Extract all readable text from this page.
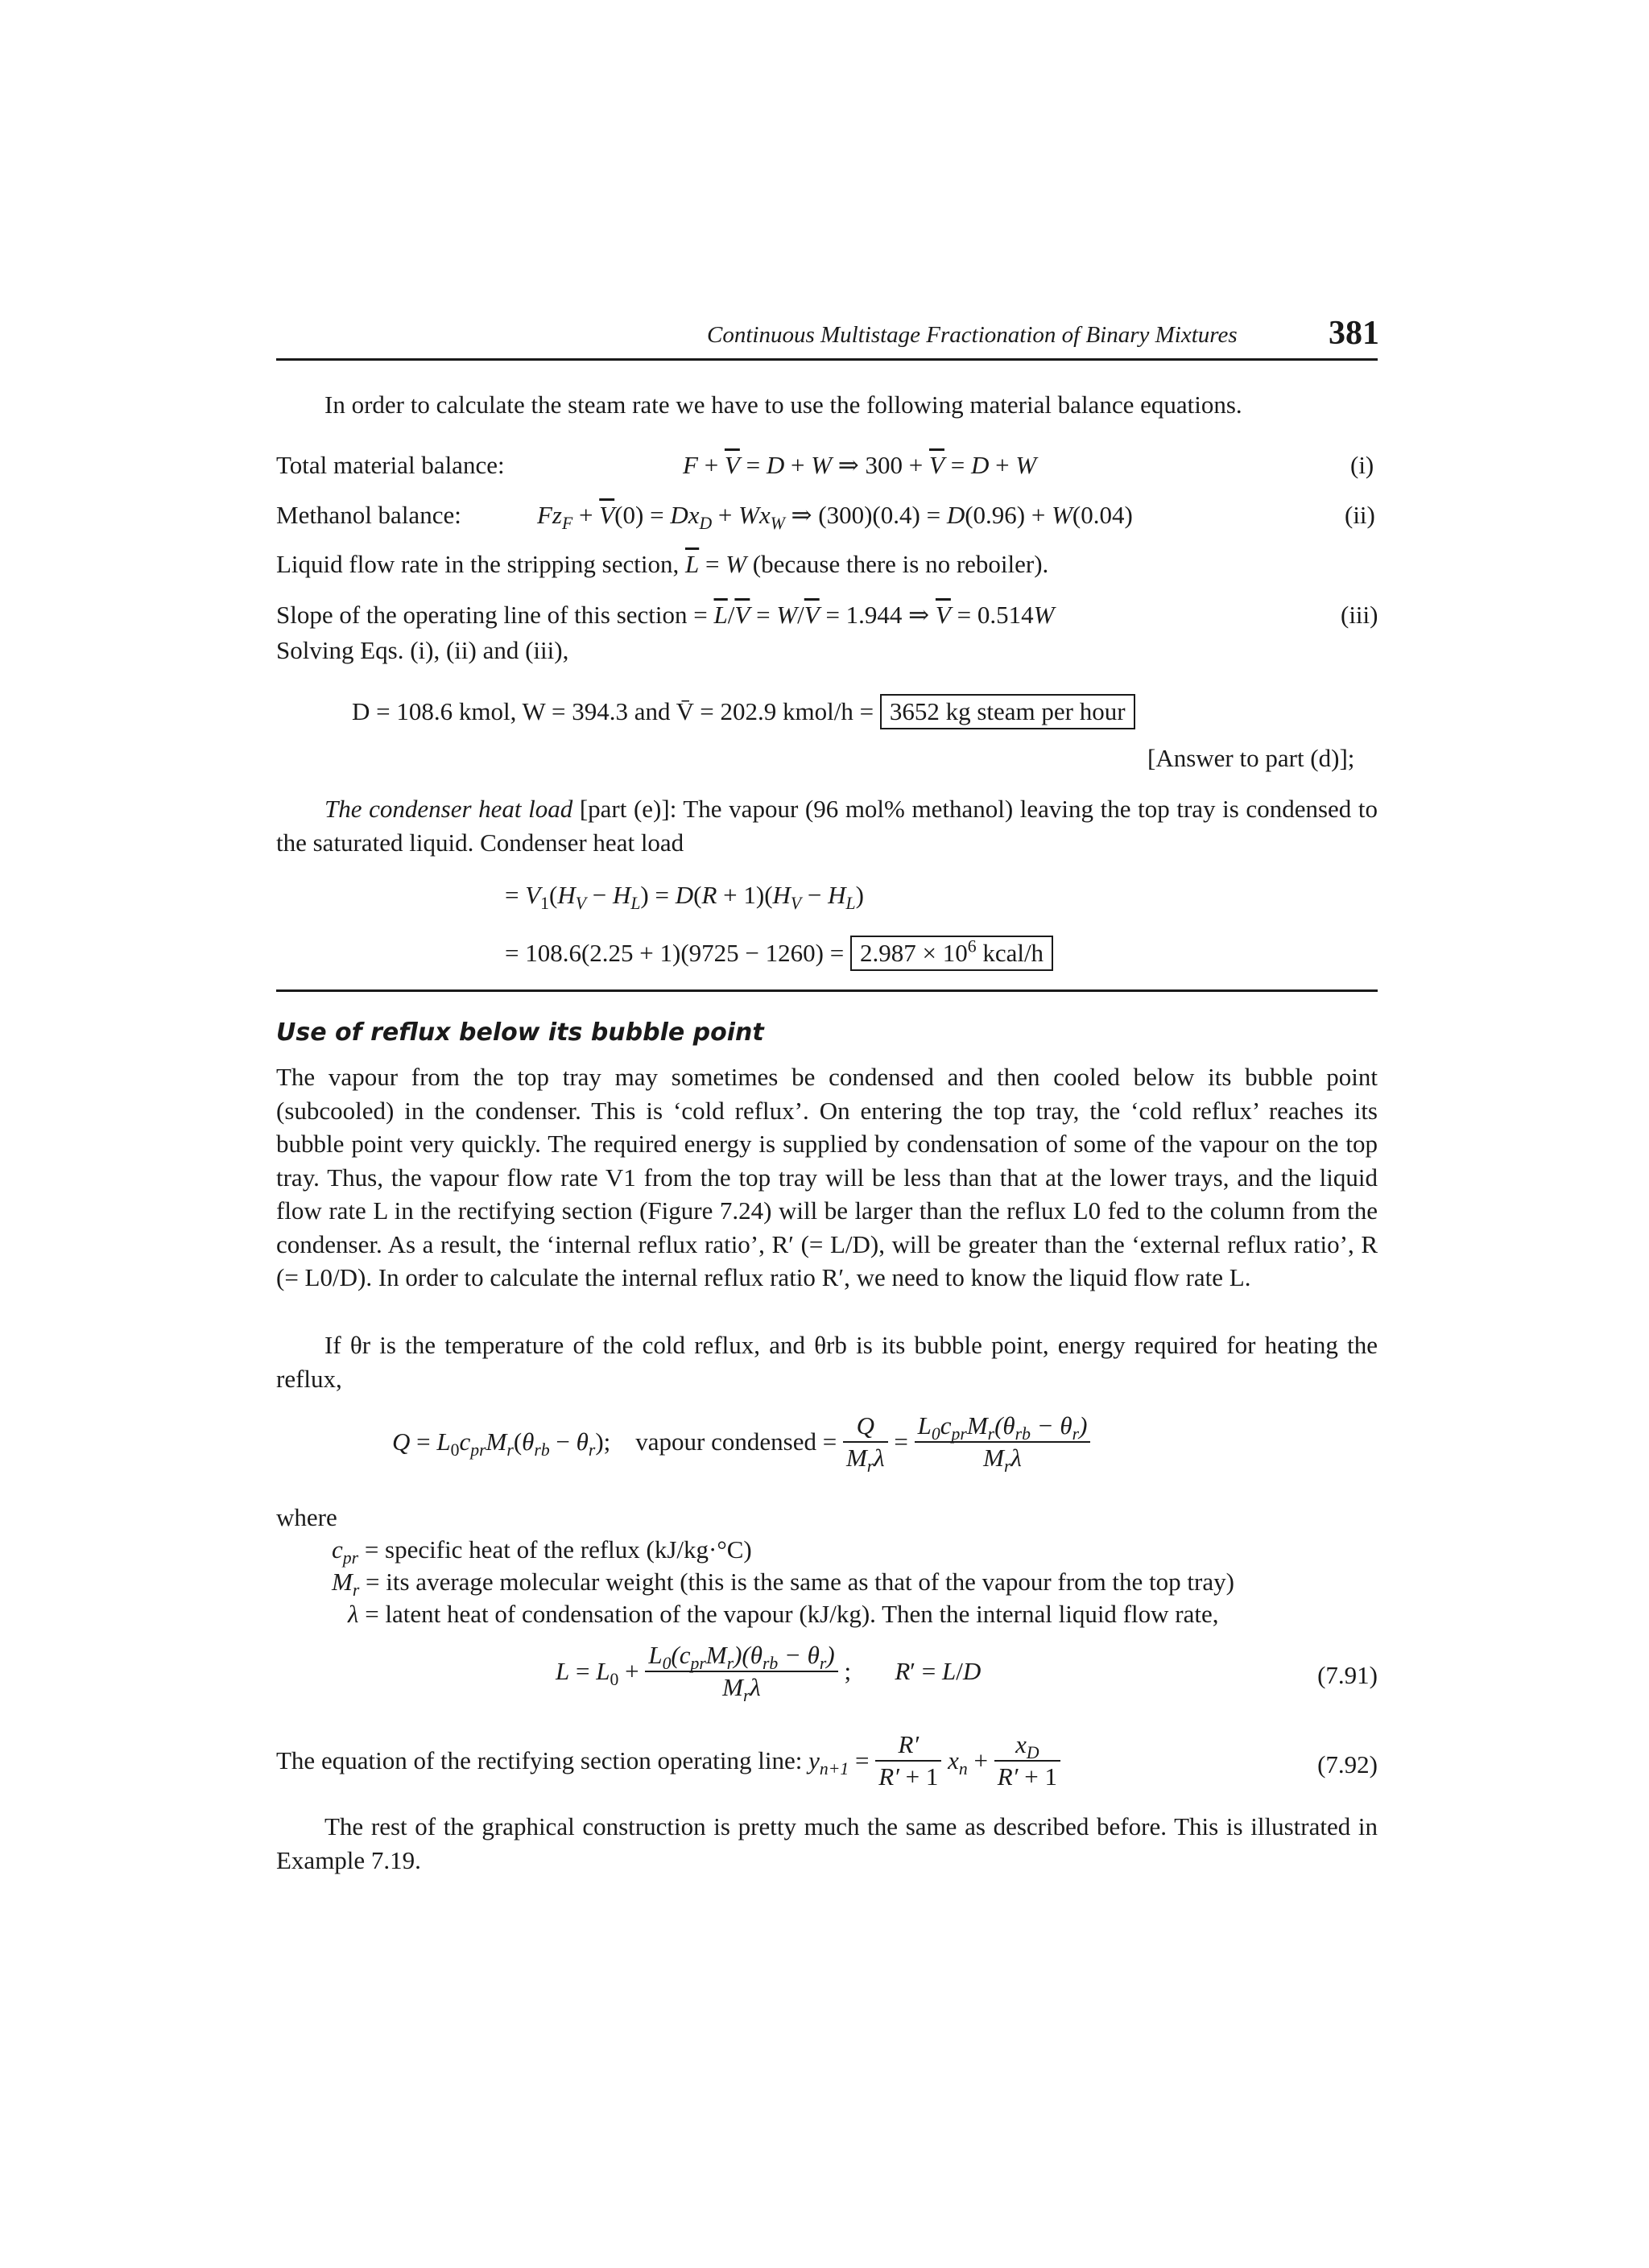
Continuous Multistage Fractionation of Binary Mixtures	381
In order to calculate the steam rate we have to use the following material balance equations.
Total material balance:	$F + \overline{V} = D + W$ ⇒ $300 + \overline{V} = D + W$	(i)
Methanol balance:	$Fz_F + \overline{V}(0) = Dx_D + Wx_W$ ⇒ (300)(0.4) = D(0.96) + W(0.04)	(ii)
Liquid flow rate in the stripping section, $\overline{L} = W$ (because there is no reboiler).
Slope of the operating line of this section = $\overline{L}/\overline{V} = W/\overline{V} = 1.944$ ⇒ $\overline{V} = 0.514W$	(iii)
Solving Eqs. (i), (ii) and (iii),
D = 108.6 kmol, W = 394.3 and V̄ = 202.9 kmol/h = 3652 kg steam per hour
[Answer to part (d)];
The condenser heat load [part (e)]: The vapour (96 mol% methanol) leaving the top tray is condensed to the saturated liquid. Condenser heat load
= $V_1(H_V - H_L) = D(R + 1)(H_V - H_L)$
= $108.6(2.25 + 1)(9725 - 1260) = 2.987 \times 10^6$ kcal/h
Use of reflux below its bubble point
The vapour from the top tray may sometimes be condensed and then cooled below its bubble point (subcooled) in the condenser. This is ‘cold reflux’. On entering the top tray, the ‘cold reflux’ reaches its bubble point very quickly. The required energy is supplied by condensation of some of the vapour on the top tray. Thus, the vapour flow rate V1 from the top tray will be less than that at the lower trays, and the liquid flow rate L in the rectifying section (Figure 7.24) will be larger than the reflux L0 fed to the column from the condenser. As a result, the ‘internal reflux ratio’, R′ (= L/D), will be greater than the ‘external reflux ratio’, R (= L0/D). In order to calculate the internal reflux ratio R′, we need to know the liquid flow rate L.
If θr is the temperature of the cold reflux, and θrb is its bubble point, energy required for heating the reflux,
$Q = L_0c_{pr}M_r(\theta_{rb} - \theta_r)$;    vapour condensed = $\frac{Q}{M_r\lambda} = \frac{L_0c_{pr}M_r(\theta_{rb} - \theta_r)}{M_r\lambda}$
where
$c_{pr}$ = specific heat of the reflux (kJ/kg·°C)
$M_r$ = its average molecular weight (this is the same as that of the vapour from the top tray)
λ = latent heat of condensation of the vapour (kJ/kg). Then the internal liquid flow rate,
$L = L_0 + \frac{L_0(c_{pr}M_r)(\theta_{rb} - \theta_r)}{M_r\lambda}$ ;       R′ = L/D	(7.91)
The equation of the rectifying section operating line: $y_{n+1} = \frac{R'}{R' + 1} x_n + \frac{x_D}{R' + 1}$	(7.92)
The rest of the graphical construction is pretty much the same as described before. This is illustrated in Example 7.19.
